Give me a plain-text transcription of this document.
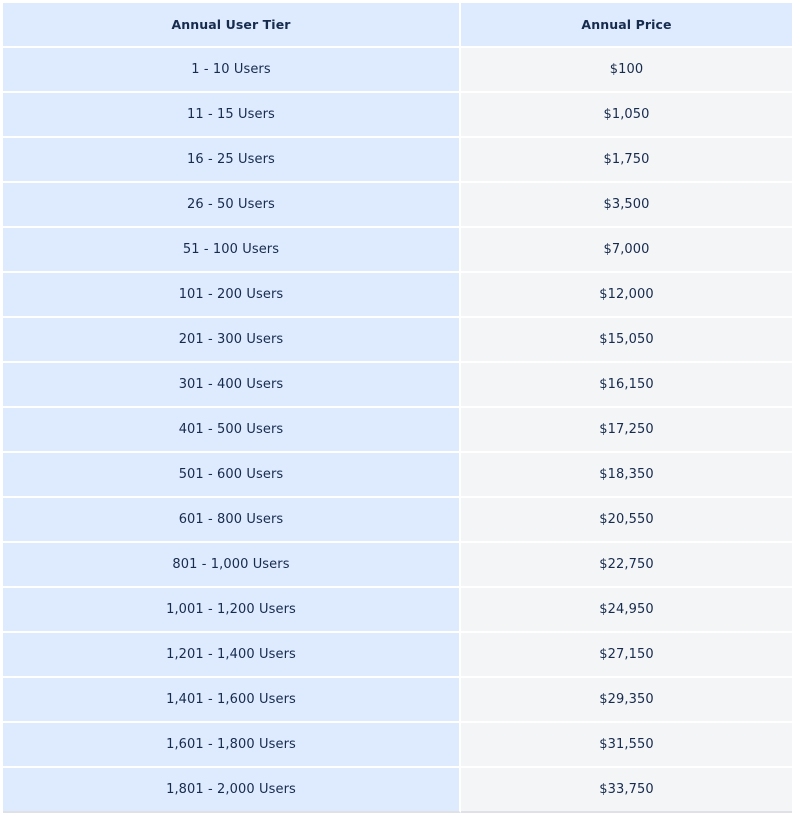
Annual User Tier	Annual Price
1 - 10 Users	$100
11 - 15 Users	$1,050
16 - 25 Users	$1,750
26 - 50 Users	$3,500
51 - 100 Users	$7,000
101 - 200 Users	$12,000
201 - 300 Users	$15,050
301 - 400 Users	$16,150
401 - 500 Users	$17,250
501 - 600 Users	$18,350
601 - 800 Users	$20,550
801 - 1,000 Users	$22,750
1,001 - 1,200 Users	$24,950
1,201 - 1,400 Users	$27,150
1,401 - 1,600 Users	$29,350
1,601 - 1,800 Users	$31,550
1,801 - 2,000 Users	$33,750
